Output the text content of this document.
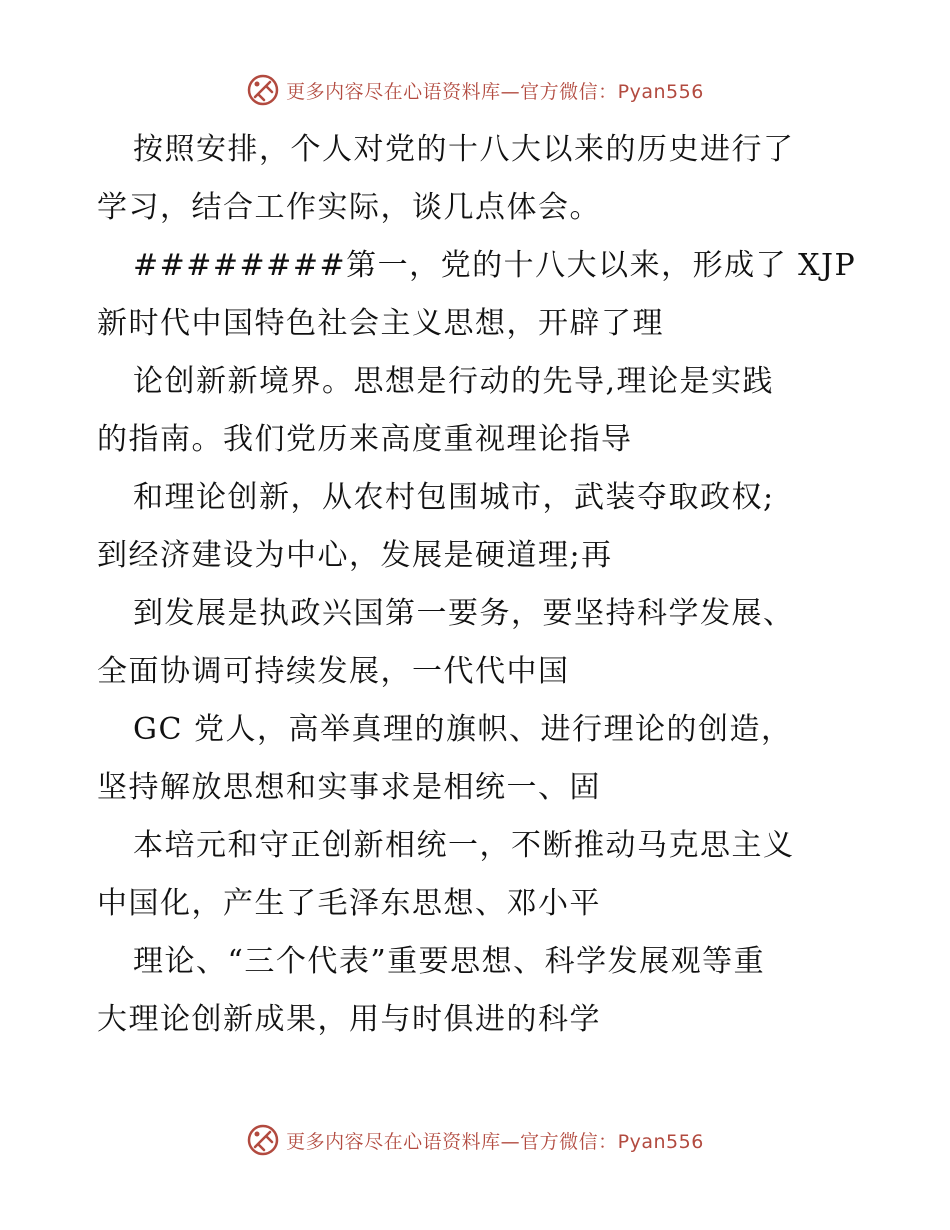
更多内容尽在心语资料库—官方微信：Pyan556
按照安排，个人对党的十八大以来的历史进行了
学习，结合工作实际，谈几点体会。
########第一，党的十八大以来，形成了 XJP
新时代中国特色社会主义思想，开辟了理
论创新新境界。思想是行动的先导,理论是实践
的指南。我们党历来高度重视理论指导
和理论创新，从农村包围城市，武装夺取政权;
到经济建设为中心，发展是硬道理;再
到发展是执政兴国第一要务，要坚持科学发展、
全面协调可持续发展，一代代中国
GC 党人，高举真理的旗帜、进行理论的创造，
坚持解放思想和实事求是相统一、固
本培元和守正创新相统一，不断推动马克思主义
中国化，产生了毛泽东思想、邓小平
理论、“三个代表”重要思想、科学发展观等重
大理论创新成果，用与时俱进的科学
更多内容尽在心语资料库—官方微信：Pyan556
